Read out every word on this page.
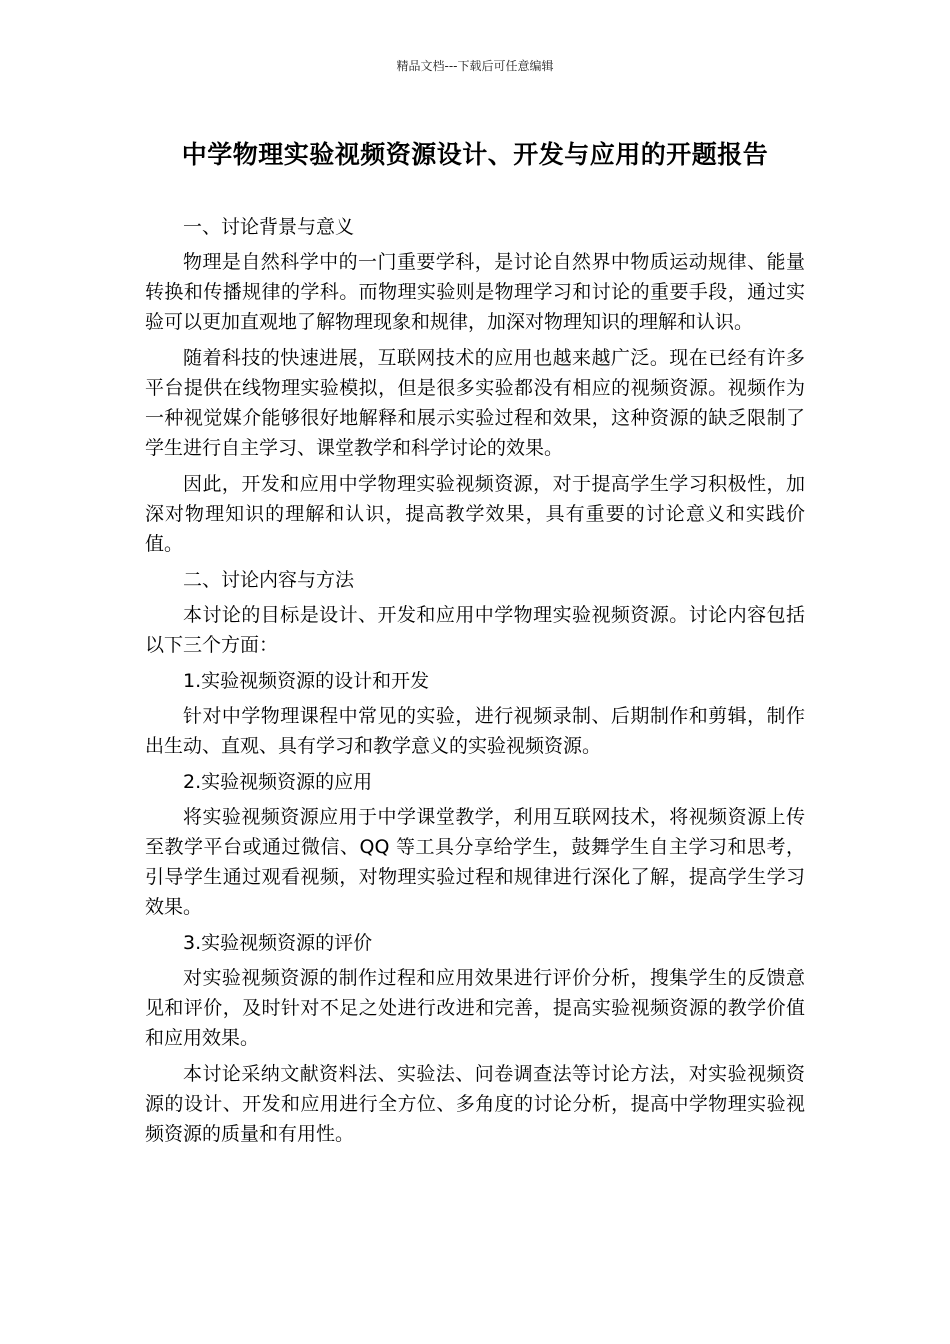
精品文档---下载后可任意编辑
中学物理实验视频资源设计、开发与应用的开题报告

一、讨论背景与意义

物理是自然科学中的一门重要学科，是讨论自然界中物质运动规律、能量转换和传播规律的学科。而物理实验则是物理学习和讨论的重要手段，通过实验可以更加直观地了解物理现象和规律，加深对物理知识的理解和认识。

随着科技的快速进展，互联网技术的应用也越来越广泛。现在已经有许多平台提供在线物理实验模拟，但是很多实验都没有相应的视频资源。视频作为一种视觉媒介能够很好地解释和展示实验过程和效果，这种资源的缺乏限制了学生进行自主学习、课堂教学和科学讨论的效果。

因此，开发和应用中学物理实验视频资源，对于提高学生学习积极性，加深对物理知识的理解和认识，提高教学效果，具有重要的讨论意义和实践价值。

二、讨论内容与方法

本讨论的目标是设计、开发和应用中学物理实验视频资源。讨论内容包括以下三个方面：

1.实验视频资源的设计和开发

针对中学物理课程中常见的实验，进行视频录制、后期制作和剪辑，制作出生动、直观、具有学习和教学意义的实验视频资源。

2.实验视频资源的应用

将实验视频资源应用于中学课堂教学，利用互联网技术，将视频资源上传至教学平台或通过微信、QQ 等工具分享给学生，鼓舞学生自主学习和思考，引导学生通过观看视频，对物理实验过程和规律进行深化了解，提高学生学习效果。

3.实验视频资源的评价

对实验视频资源的制作过程和应用效果进行评价分析，搜集学生的反馈意见和评价，及时针对不足之处进行改进和完善，提高实验视频资源的教学价值和应用效果。

本讨论采纳文献资料法、实验法、问卷调查法等讨论方法，对实验视频资源的设计、开发和应用进行全方位、多角度的讨论分析，提高中学物理实验视频资源的质量和有用性。
